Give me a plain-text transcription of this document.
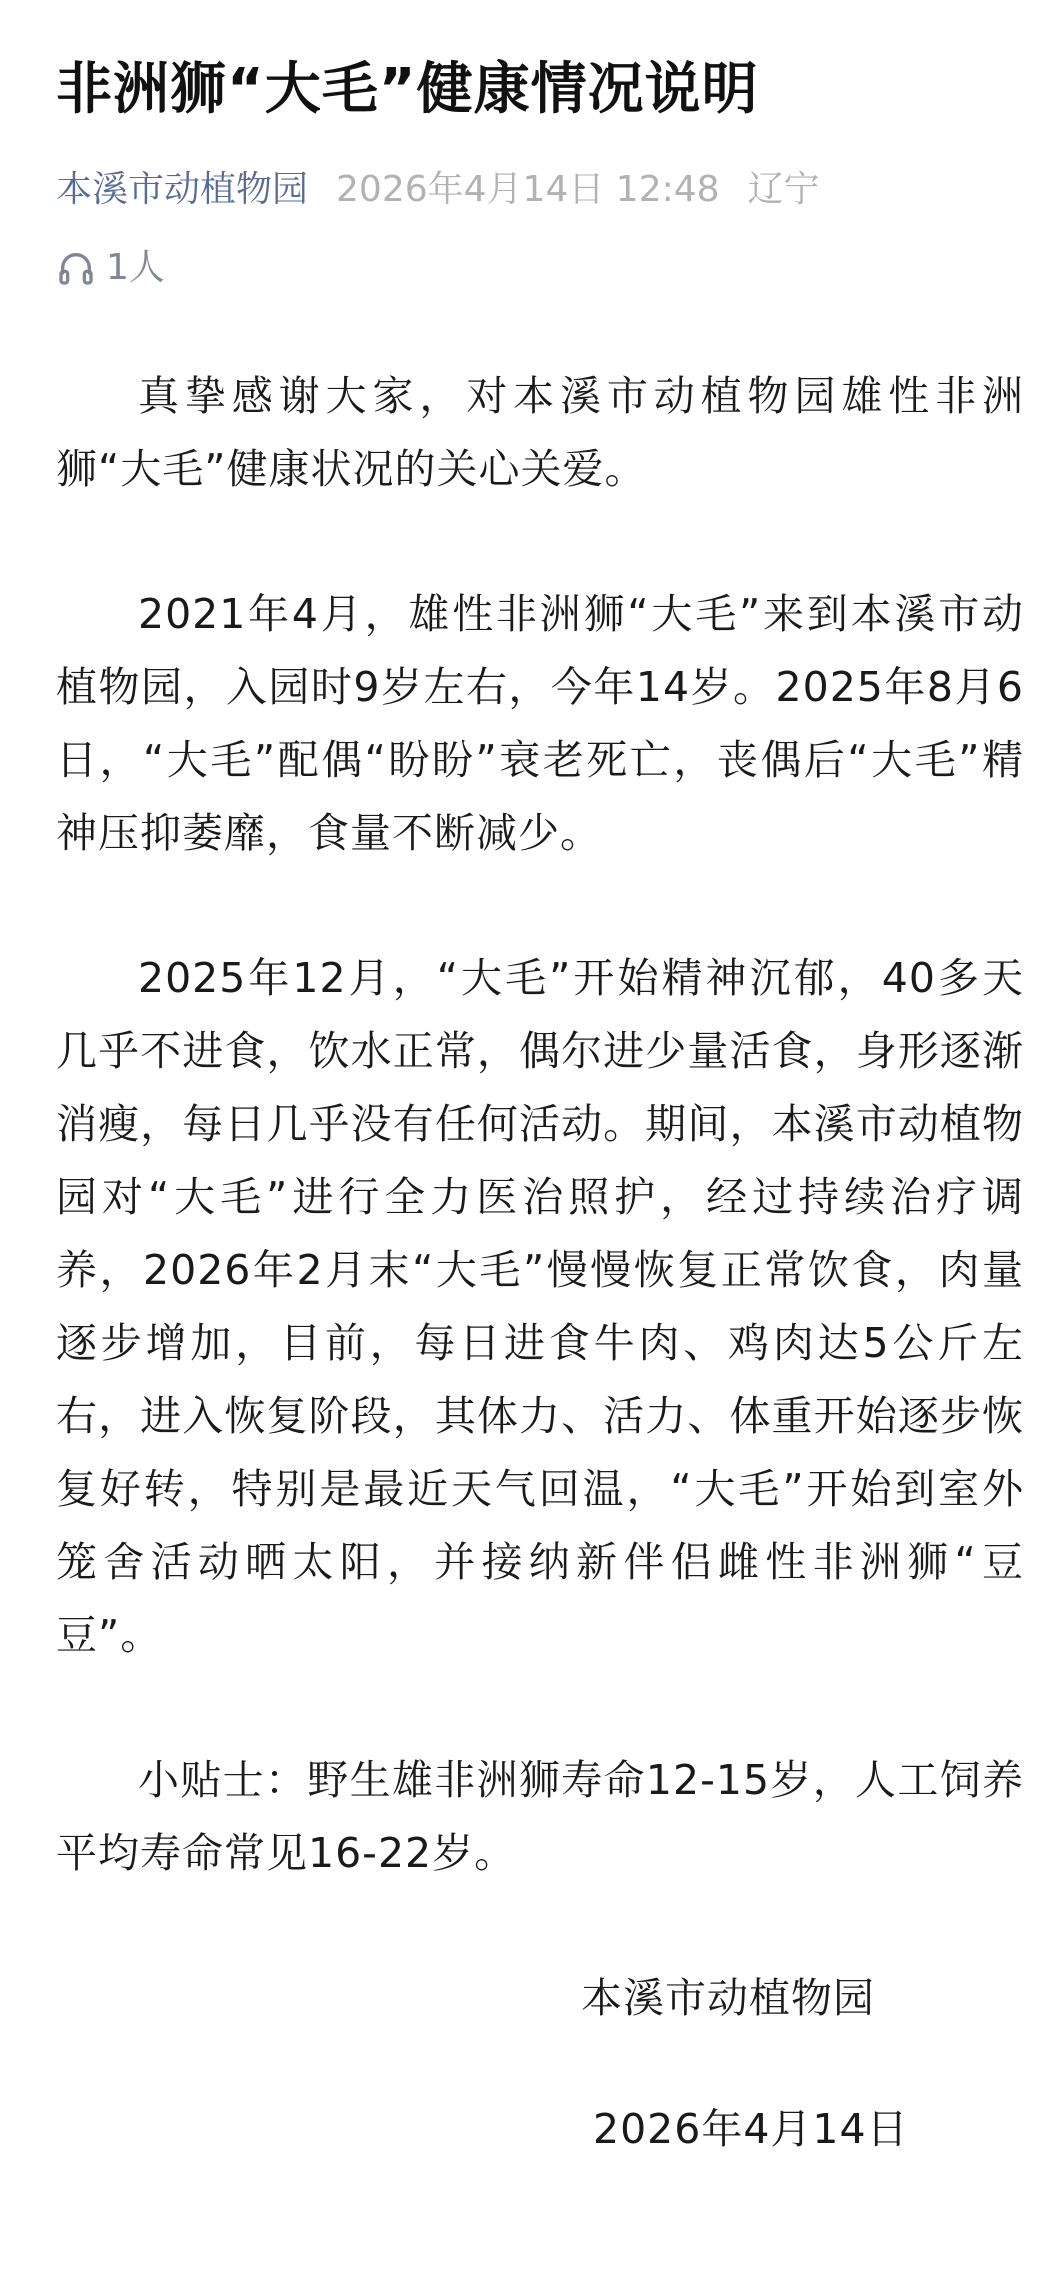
非洲狮“大毛”健康情况说明
本溪市动植物园 2026年4月14日 12:48 辽宁
1人

真挚感谢大家，对本溪市动植物园雄性非洲狮“大毛”健康状况的关心关爱。

2021年4月，雄性非洲狮“大毛”来到本溪市动植物园，入园时9岁左右，今年14岁。2025年8月6日，“大毛”配偶“盼盼”衰老死亡，丧偶后“大毛”精神压抑萎靡，食量不断减少。

2025年12月，“大毛”开始精神沉郁，40多天几乎不进食，饮水正常，偶尔进少量活食，身形逐渐消瘦，每日几乎没有任何活动。期间，本溪市动植物园对“大毛”进行全力医治照护，经过持续治疗调养，2026年2月末“大毛”慢慢恢复正常饮食，肉量逐步增加，目前，每日进食牛肉、鸡肉达5公斤左右，进入恢复阶段，其体力、活力、体重开始逐步恢复好转，特别是最近天气回温，“大毛”开始到室外笼舍活动晒太阳，并接纳新伴侣雌性非洲狮“豆豆”。

小贴士：野生雄非洲狮寿命12-15岁，人工饲养平均寿命常见16-22岁。

本溪市动植物园

2026年4月14日
